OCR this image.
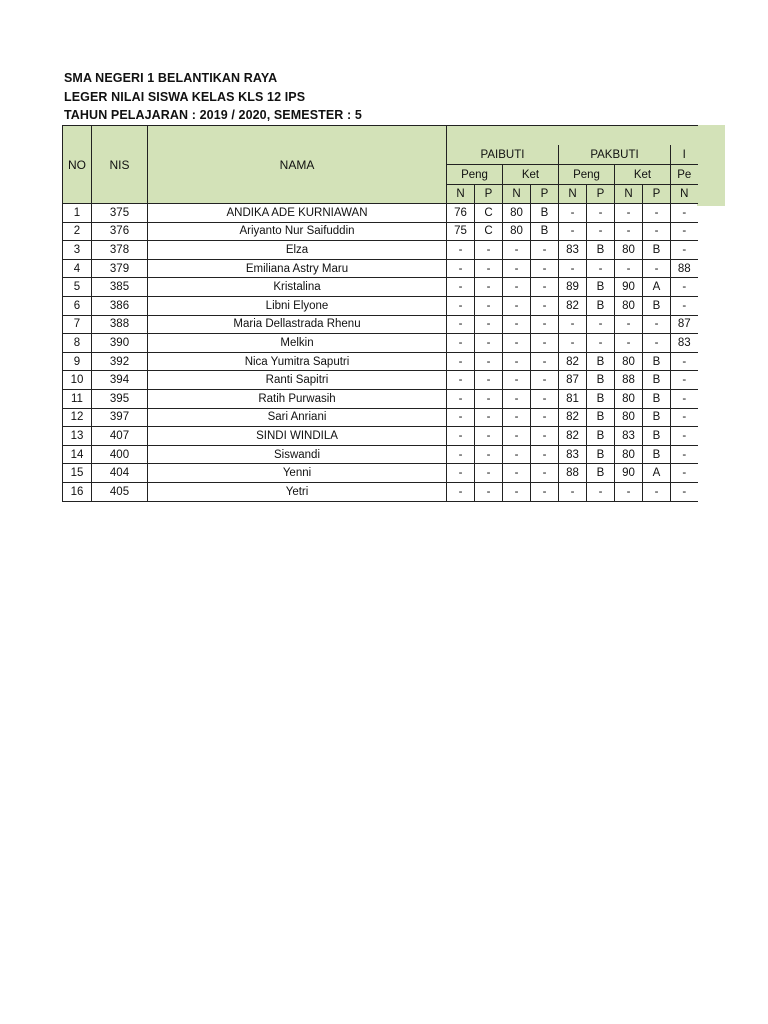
SMA NEGERI 1 BELANTIKAN RAYA
LEGER NILAI SISWA KELAS KLS 12 IPS
TAHUN PELAJARAN : 2019 / 2020, SEMESTER : 5
NO	NIS	NAMA									
			PAIBUTI				PAKBUTI				I
			Peng		Ket		Peng		Ket		Pe
			N	P	N	P	N	P	N	P	N
1	375	ANDIKA ADE KURNIAWAN	76	C	80	B	-	-	-	-	-
2	376	Ariyanto Nur Saifuddin	75	C	80	B	-	-	-	-	-
3	378	Elza	-	-	-	-	83	B	80	B	-
4	379	Emiliana Astry Maru	-	-	-	-	-	-	-	-	88
5	385	Kristalina	-	-	-	-	89	B	90	A	-
6	386	Libni Elyone	-	-	-	-	82	B	80	B	-
7	388	Maria Dellastrada Rhenu	-	-	-	-	-	-	-	-	87
8	390	Melkin	-	-	-	-	-	-	-	-	83
9	392	Nica Yumitra Saputri	-	-	-	-	82	B	80	B	-
10	394	Ranti Sapitri	-	-	-	-	87	B	88	B	-
11	395	Ratih Purwasih	-	-	-	-	81	B	80	B	-
12	397	Sari Anriani	-	-	-	-	82	B	80	B	-
13	407	SINDI WINDILA	-	-	-	-	82	B	83	B	-
14	400	Siswandi	-	-	-	-	83	B	80	B	-
15	404	Yenni	-	-	-	-	88	B	90	A	-
16	405	Yetri	-	-	-	-	-	-	-	-	-
